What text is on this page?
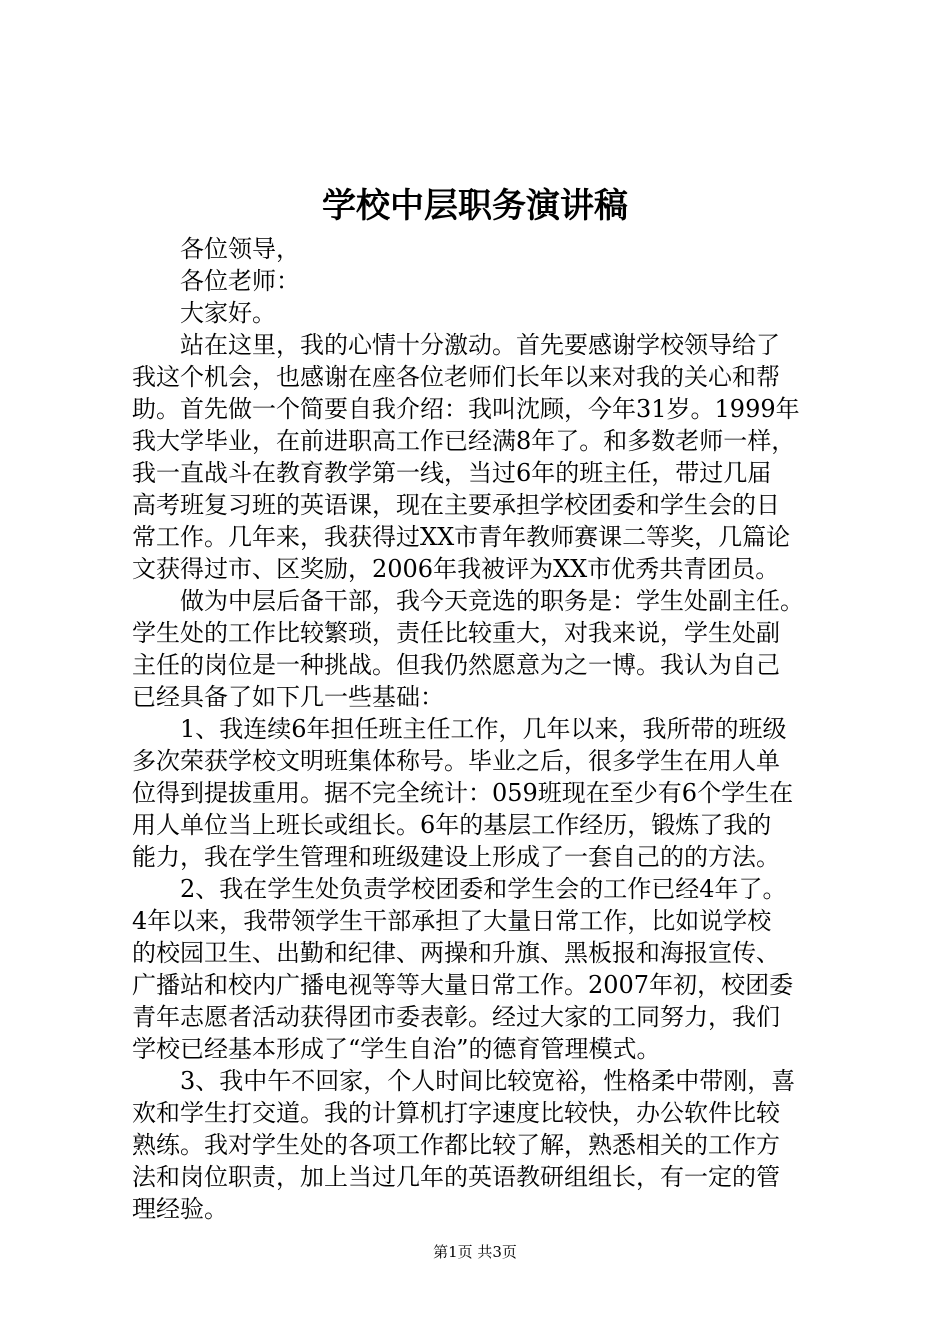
学校中层职务演讲稿
　　各位领导，
　　各位老师：
　　大家好。
　　站在这里，我的心情十分激动。首先要感谢学校领导给了
我这个机会，也感谢在座各位老师们长年以来对我的关心和帮
助。首先做一个简要自我介绍：我叫沈顾，今年31岁。1999年
我大学毕业，在前进职高工作已经满8年了。和多数老师一样，
我一直战斗在教育教学第一线，当过6年的班主任，带过几届
高考班复习班的英语课，现在主要承担学校团委和学生会的日
常工作。几年来，我获得过XX市青年教师赛课二等奖，几篇论
文获得过市、区奖励，2006年我被评为XX市优秀共青团员。
　　做为中层后备干部，我今天竞选的职务是：学生处副主任。
学生处的工作比较繁琐，责任比较重大，对我来说，学生处副
主任的岗位是一种挑战。但我仍然愿意为之一博。我认为自己
已经具备了如下几一些基础：
　　1、我连续6年担任班主任工作，几年以来，我所带的班级
多次荣获学校文明班集体称号。毕业之后，很多学生在用人单
位得到提拔重用。据不完全统计：059班现在至少有6个学生在
用人单位当上班长或组长。6年的基层工作经历，锻炼了我的
能力，我在学生管理和班级建设上形成了一套自己的的方法。
　　2、我在学生处负责学校团委和学生会的工作已经4年了。
4年以来，我带领学生干部承担了大量日常工作，比如说学校
的校园卫生、出勤和纪律、两操和升旗、黑板报和海报宣传、
广播站和校内广播电视等等大量日常工作。2007年初，校团委
青年志愿者活动获得团市委表彰。经过大家的工同努力，我们
学校已经基本形成了“学生自治”的德育管理模式。
　　3、我中午不回家，个人时间比较宽裕，性格柔中带刚，喜
欢和学生打交道。我的计算机打字速度比较快，办公软件比较
熟练。我对学生处的各项工作都比较了解，熟悉相关的工作方
法和岗位职责，加上当过几年的英语教研组组长，有一定的管
理经验。
第1页 共3页
